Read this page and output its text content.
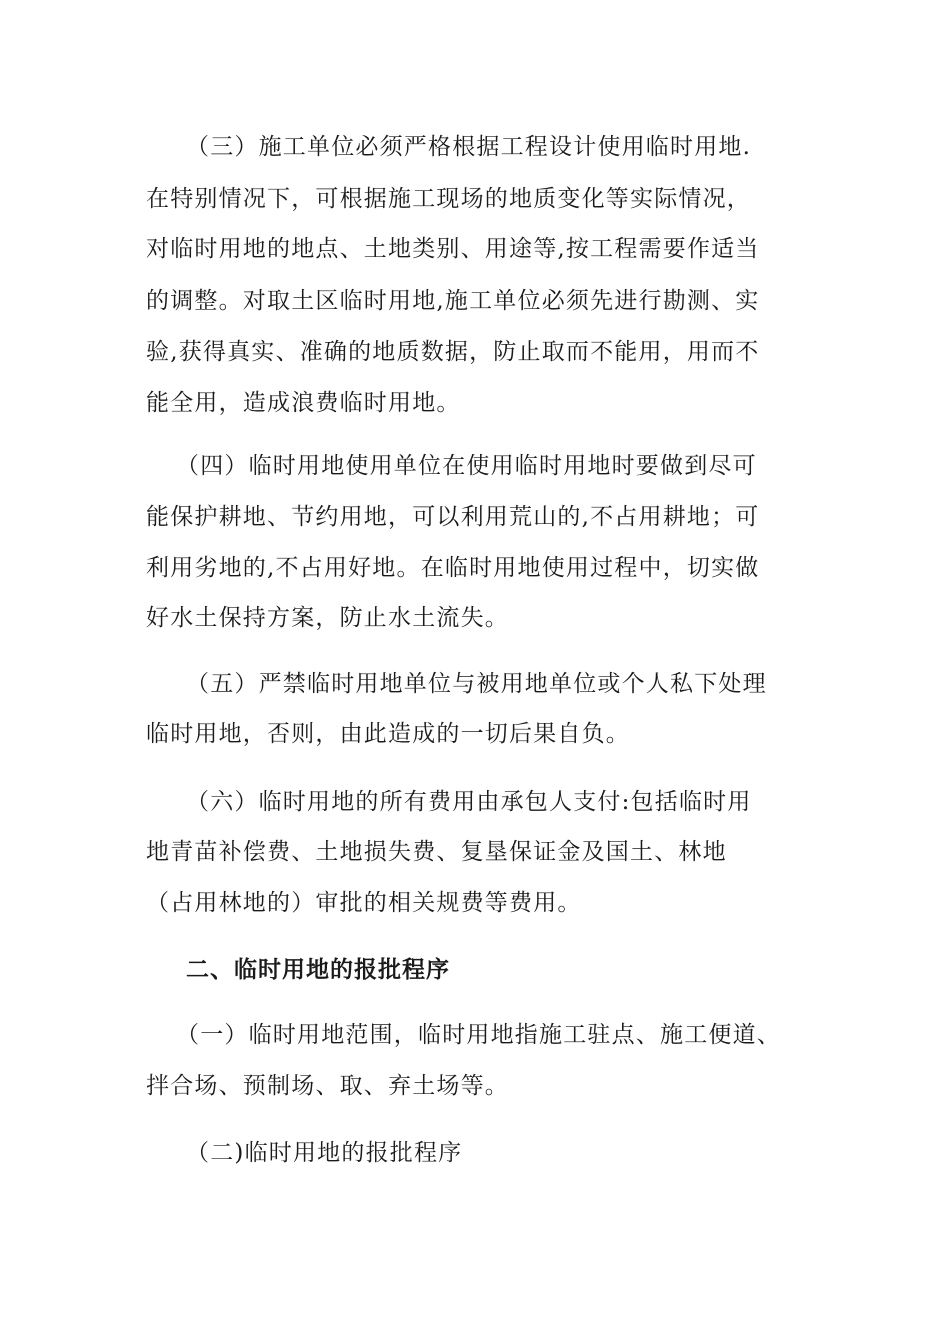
（三）施工单位必须严格根据工程设计使用临时用地.
在特别情况下，可根据施工现场的地质变化等实际情况，
对临时用地的地点、土地类别、用途等,按工程需要作适当
的调整。对取土区临时用地,施工单位必须先进行勘测、实
验,获得真实、准确的地质数据，防止取而不能用，用而不
能全用，造成浪费临时用地。
（四）临时用地使用单位在使用临时用地时要做到尽可
能保护耕地、节约用地，可以利用荒山的,不占用耕地；可
利用劣地的,不占用好地。在临时用地使用过程中，切实做
好水土保持方案，防止水土流失。
（五）严禁临时用地单位与被用地单位或个人私下处理
临时用地，否则，由此造成的一切后果自负。
（六）临时用地的所有费用由承包人支付:包括临时用
地青苗补偿费、土地损失费、复垦保证金及国土、林地
（占用林地的）审批的相关规费等费用。
二、临时用地的报批程序
（一）临时用地范围，临时用地指施工驻点、施工便道、
拌合场、预制场、取、弃土场等。
（二)临时用地的报批程序
